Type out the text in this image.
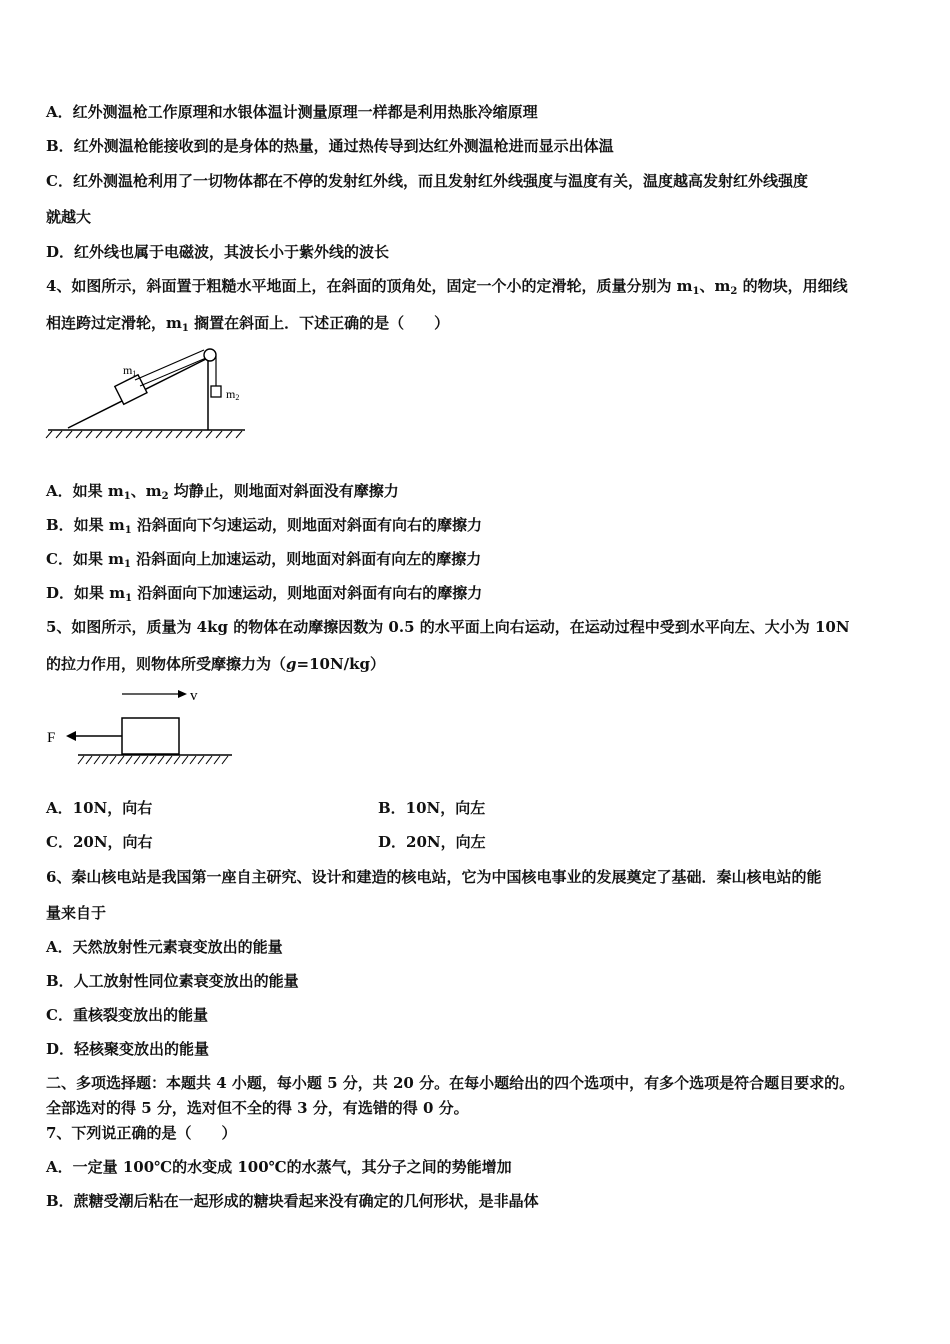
A．红外测温枪工作原理和水银体温计测量原理一样都是利用热胀冷缩原理
B．红外测温枪能接收到的是身体的热量，通过热传导到达红外测温枪进而显示出体温
C．红外测温枪利用了一切物体都在不停的发射红外线，而且发射红外线强度与温度有关，温度越高发射红外线强度
就越大
D．红外线也属于电磁波，其波长小于紫外线的波长
4、如图所示，斜面置于粗糙水平地面上，在斜面的顶角处，固定一个小的定滑轮，质量分别为 $m_1$、$m_2$ 的物块，用细线
相连跨过定滑轮，$m_1$ 搁置在斜面上．下述正确的是（　　）
m1
m2
A．如果 $m_1$、$m_2$ 均静止，则地面对斜面没有摩擦力
B．如果 $m_1$ 沿斜面向下匀速运动，则地面对斜面有向右的摩擦力
C．如果 $m_1$ 沿斜面向上加速运动，则地面对斜面有向左的摩擦力
D．如果 $m_1$ 沿斜面向下加速运动，则地面对斜面有向右的摩擦力
5、如图所示，质量为 4kg 的物体在动摩擦因数为 0.5 的水平面上向右运动，在运动过程中受到水平向左、大小为 10N
的拉力作用，则物体所受摩擦力为（g=10N/kg）
v
F
A．10N，向右	B．10N，向左
C．20N，向右	D．20N，向左
6、秦山核电站是我国第一座自主研究、设计和建造的核电站，它为中国核电事业的发展奠定了基础．秦山核电站的能
量来自于
A．天然放射性元素衰变放出的能量
B．人工放射性同位素衰变放出的能量
C．重核裂变放出的能量
D．轻核聚变放出的能量
二、多项选择题：本题共 4 小题，每小题 5 分，共 20 分。在每小题给出的四个选项中，有多个选项是符合题目要求的。
全部选对的得 5 分，选对但不全的得 3 分，有选错的得 0 分。
7、下列说正确的是（　　）
A．一定量 100℃的水变成 100℃的水蒸气，其分子之间的势能增加
B．蔗糖受潮后粘在一起形成的糖块看起来没有确定的几何形状，是非晶体
